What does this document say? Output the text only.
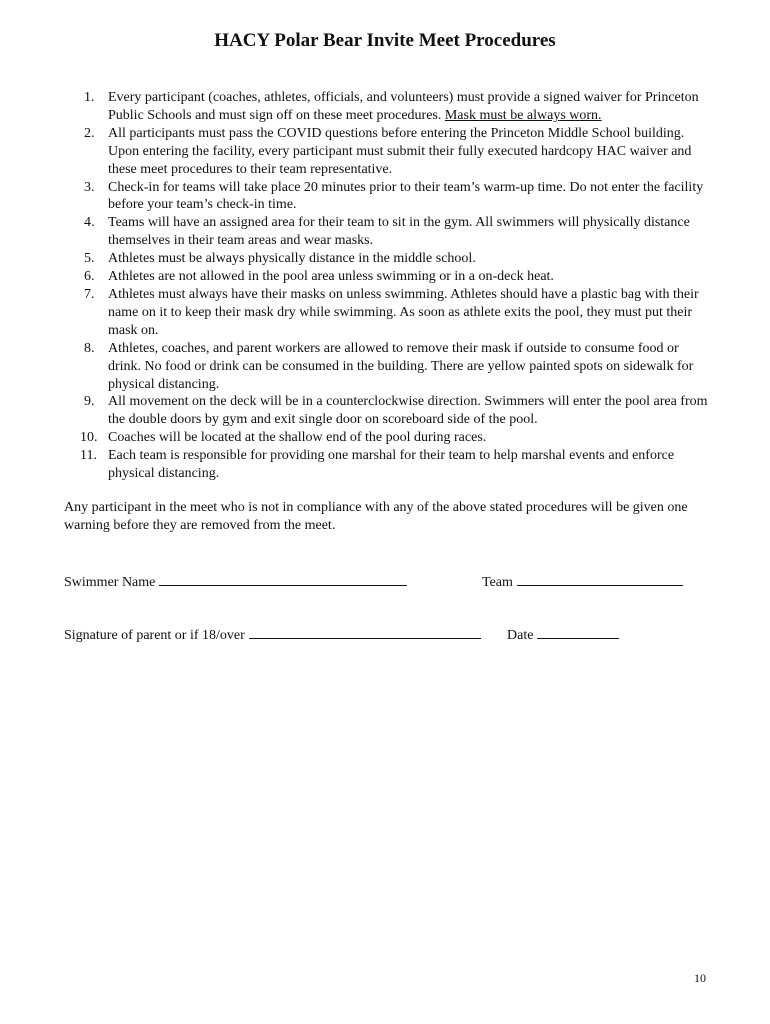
HACY Polar Bear Invite Meet Procedures
1. Every participant (coaches, athletes, officials, and volunteers) must provide a signed waiver for Princeton Public Schools and must sign off on these meet procedures. Mask must be always worn.
2. All participants must pass the COVID questions before entering the Princeton Middle School building. Upon entering the facility, every participant must submit their fully executed hardcopy HAC waiver and these meet procedures to their team representative.
3. Check-in for teams will take place 20 minutes prior to their team’s warm-up time. Do not enter the facility before your team’s check-in time.
4. Teams will have an assigned area for their team to sit in the gym. All swimmers will physically distance themselves in their team areas and wear masks.
5. Athletes must be always physically distance in the middle school.
6. Athletes are not allowed in the pool area unless swimming or in a on-deck heat.
7. Athletes must always have their masks on unless swimming. Athletes should have a plastic bag with their name on it to keep their mask dry while swimming. As soon as athlete exits the pool, they must put their mask on.
8. Athletes, coaches, and parent workers are allowed to remove their mask if outside to consume food or drink. No food or drink can be consumed in the building. There are yellow painted spots on sidewalk for physical distancing.
9. All movement on the deck will be in a counterclockwise direction. Swimmers will enter the pool area from the double doors by gym and exit single door on scoreboard side of the pool.
10. Coaches will be located at the shallow end of the pool during races.
11. Each team is responsible for providing one marshal for their team to help marshal events and enforce physical distancing.

Any participant in the meet who is not in compliance with any of the above stated procedures will be given one warning before they are removed from the meet.

Swimmer Name	Team
Signature of parent or if 18/over	Date
10
